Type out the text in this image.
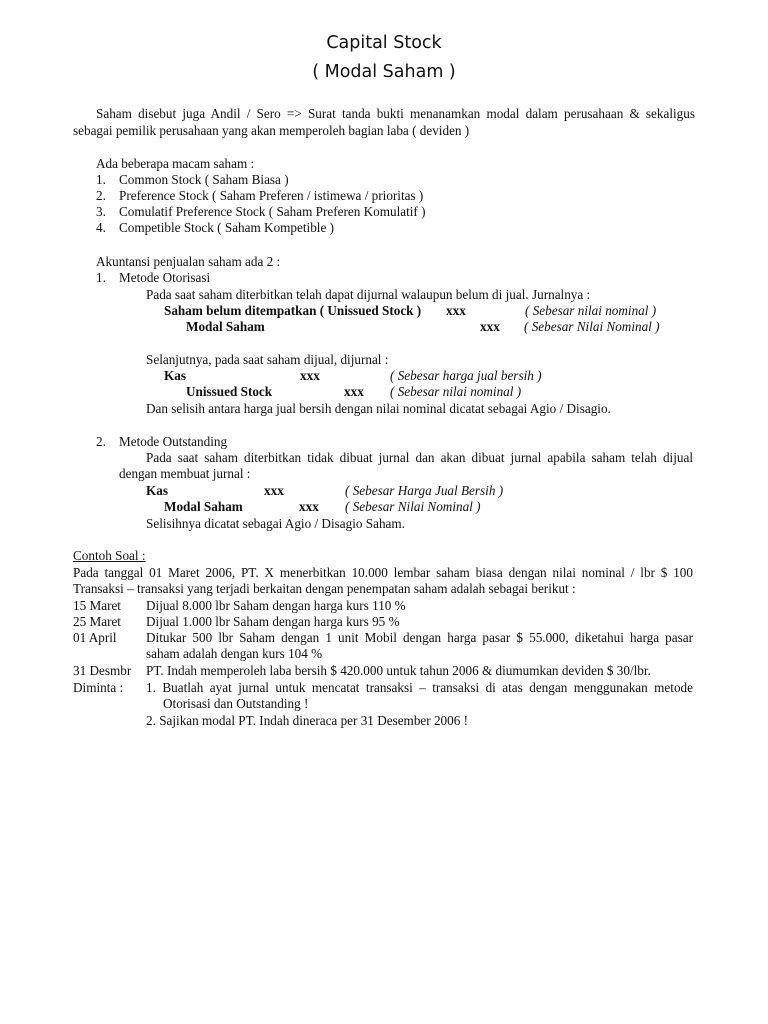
Capital Stock
( Modal Saham )
Saham disebut juga Andil / Sero => Surat tanda bukti menanamkan modal dalam perusahaan & sekaligus
sebagai pemilik perusahaan yang akan memperoleh bagian laba ( deviden )
Ada beberapa macam saham :
1. Common Stock ( Saham Biasa )
2. Preference Stock ( Saham Preferen / istimewa / prioritas )
3. Comulatif Preference Stock ( Saham Preferen Komulatif )
4. Competible Stock ( Saham Kompetible )
Akuntansi penjualan saham ada 2 :
1. Metode Otorisasi
Pada saat saham diterbitkan telah dapat dijurnal walaupun belum di jual. Jurnalnya :
Saham belum ditempatkan ( Unissued Stock ) xxx	( Sebesar nilai nominal )
Modal Saham	xxx ( Sebesar Nilai Nominal )
Selanjutnya, pada saat saham dijual, dijurnal :
Kas	xxx	( Sebesar harga jual bersih )
Unissued Stock	xxx ( Sebesar nilai nominal )
Dan selisih antara harga jual bersih dengan nilai nominal dicatat sebagai Agio / Disagio.
2. Metode Outstanding
Pada saat saham diterbitkan tidak dibuat jurnal dan akan dibuat jurnal apabila saham telah dijual
dengan membuat jurnal :
Kas	xxx	( Sebesar Harga Jual Bersih )
Modal Saham	xxx ( Sebesar Nilai Nominal )
Selisihnya dicatat sebagai Agio / Disagio Saham.
Contoh Soal :
Pada tanggal 01 Maret 2006, PT. X menerbitkan 10.000 lembar saham biasa dengan nilai nominal / lbr $ 100
Transaksi – transaksi yang terjadi berkaitan dengan penempatan saham adalah sebagai berikut :
15 Maret Dijual 8.000 lbr Saham dengan harga kurs 110 %
25 Maret Dijual 1.000 lbr Saham dengan harga kurs 95 %
01 April Ditukar 500 lbr Saham dengan 1 unit Mobil dengan harga pasar $ 55.000, diketahui harga pasar
saham adalah dengan kurs 104 %
31 Desmbr PT. Indah memperoleh laba bersih $ 420.000 untuk tahun 2006 & diumumkan deviden $ 30/lbr.
Diminta : 1. Buatlah ayat jurnal untuk mencatat transaksi – transaksi di atas dengan menggunakan metode
Otorisasi dan Outstanding !
2. Sajikan modal PT. Indah dineraca per 31 Desember 2006 !
